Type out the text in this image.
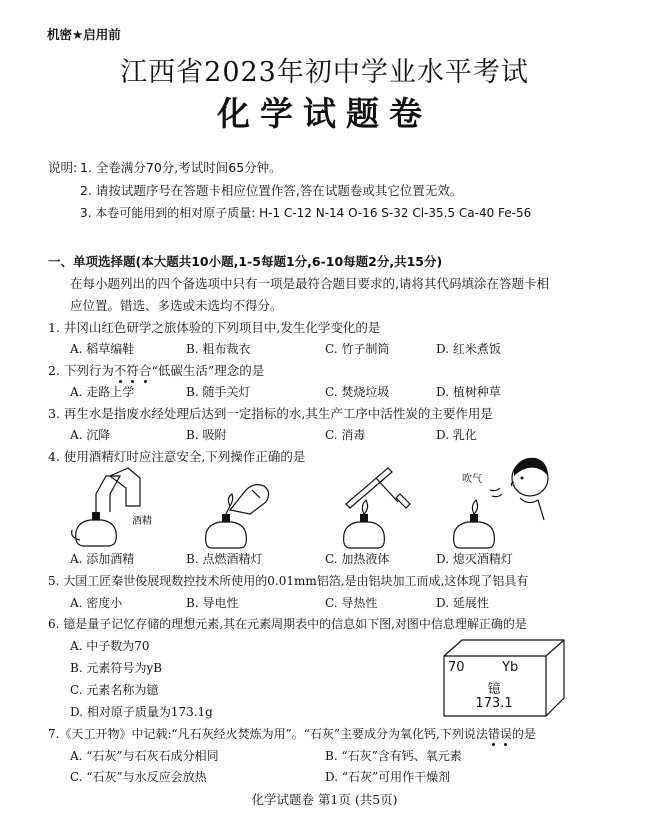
机密★启用前
江西省2023年初中学业水平考试
化学试题卷
说明: 1. 全卷满分70分,考试时间65分钟。
2. 请按试题序号在答题卡相应位置作答,答在试题卷或其它位置无效。
3. 本卷可能用到的相对原子质量: H-1 C-12 N-14 O-16 S-32 Cl-35.5 Ca-40 Fe-56
一、单项选择题(本大题共10小题,1-5每题1分,6-10每题2分,共15分)
在每小题列出的四个备选项中只有一项是最符合题目要求的,请将其代码填涂在答题卡相
应位置。错选、多选或未选均不得分。
1. 井冈山红色研学之旅体验的下列项目中,发生化学变化的是
A. 稻草编鞋	B. 粗布裁衣	C. 竹子制筒	D. 红米煮饭
2. 下列行为不符合“低碳生活”理念的是
A. 走路上学	B. 随手关灯	C. 焚烧垃圾	D. 植树种草
3. 再生水是指废水经处理后达到一定指标的水,其生产工序中活性炭的主要作用是
A. 沉降	B. 吸附	C. 消毒	D. 乳化
4. 使用酒精灯时应注意安全,下列操作正确的是
酒精
吹气
A. 添加酒精	B. 点燃酒精灯	C. 加热液体	D. 熄灭酒精灯
5. 大国工匠秦世俊展现数控技术所使用的0.01mm铝箔,是由铝块加工而成,这体现了铝具有
A. 密度小	B. 导电性	C. 导热性	D. 延展性
6. 镱是量子记忆存储的理想元素,其在元素周期表中的信息如下图,对图中信息理解正确的是
A. 中子数为70
B. 元素符号为yB
C. 元素名称为镱
D. 相对原子质量为173.1g
70	Yb
镱
173.1
7.《天工开物》中记载:“凡石灰经火焚炼为用”。“石灰”主要成分为氧化钙,下列说法错误的是
A. “石灰”与石灰石成分相同	B. “石灰”含有钙、氧元素
C. “石灰”与水反应会放热	D. “石灰”可用作干燥剂
化学试题卷 第1页 (共5页)
